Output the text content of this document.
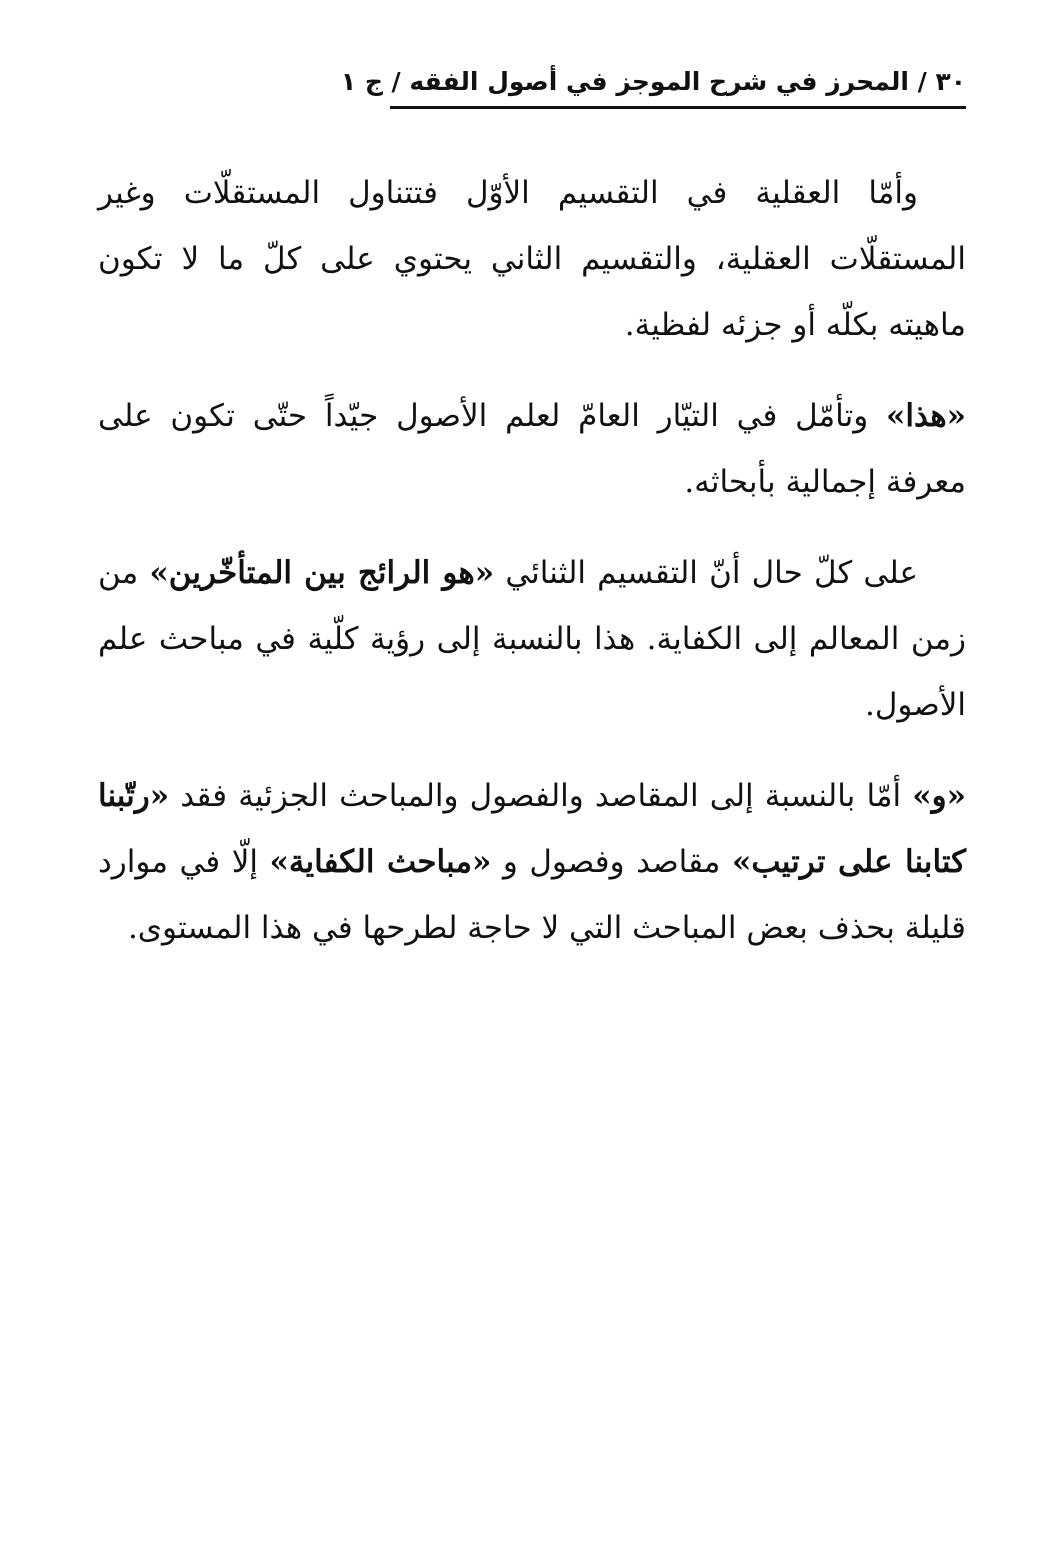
٣٠ / المحرز في شرح الموجز في أصول الفقه / ج ١

وأمّا العقلية في التقسيم الأوّل فتتناول المستقلّات وغير المستقلّات العقلية، والتقسيم الثاني يحتوي على كلّ ما لا تكون ماهيته بكلّه أو جزئه لفظية.

«هذا» وتأمّل في التيّار العامّ لعلم الأصول جيّداً حتّى تكون على معرفة إجمالية بأبحاثه.

على كلّ حال أنّ التقسيم الثنائي «هو الرائج بين المتأخّرين» من زمن المعالم إلى الكفاية. هذا بالنسبة إلى رؤية كلّية في مباحث علم الأصول.

«و» أمّا بالنسبة إلى المقاصد والفصول والمباحث الجزئية فقد «رتّبنا كتابنا على ترتيب» مقاصد وفصول و «مباحث الكفاية» إلّا في موارد قليلة بحذف بعض المباحث التي لا حاجة لطرحها في هذا المستوى.
